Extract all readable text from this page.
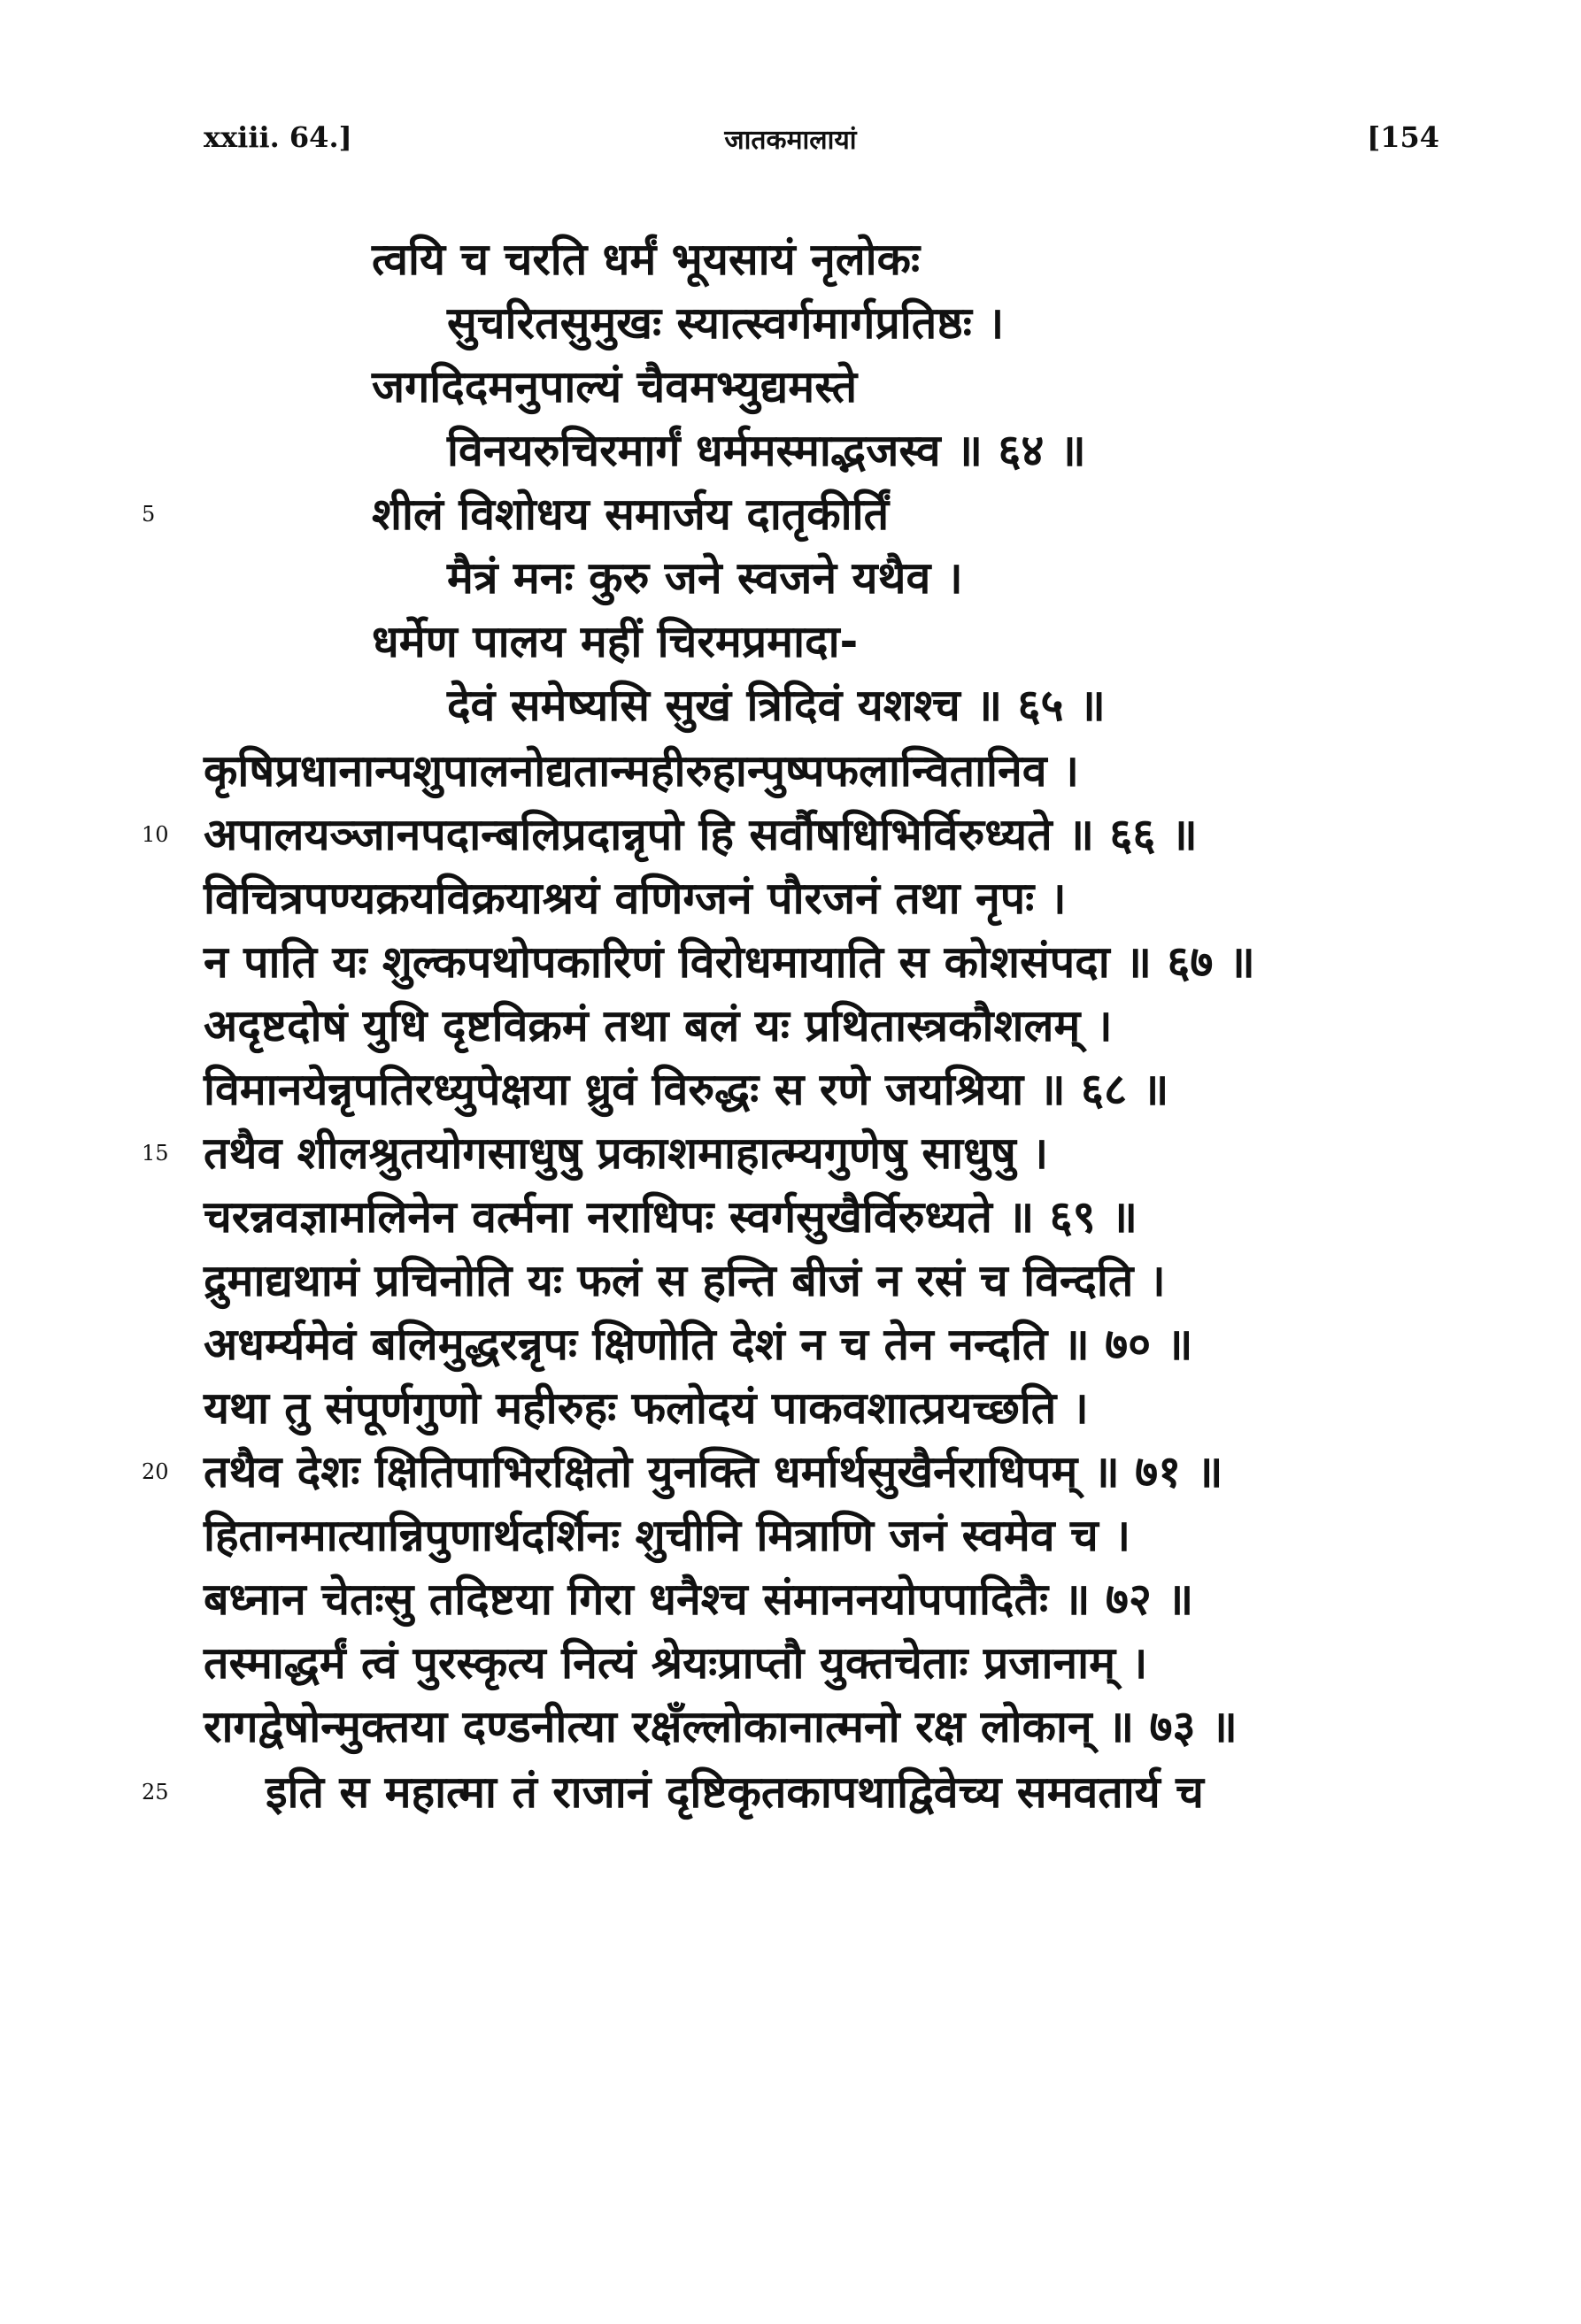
xxiii. 64.]	जातकमालायां	[154
त्वयि च चरति धर्मं भूयसायं नृलोकः
सुचरितसुमुखः स्यात्स्वर्गमार्गप्रतिष्ठः ।
जगदिदमनुपाल्यं चैवमभ्युद्यमस्ते
विनयरुचिरमार्गं धर्ममस्माद्भजस्व ॥ ६४ ॥
5	शीलं विशोधय समार्जय दातृकीर्तिं
मैत्रं मनः कुरु जने स्वजने यथैव ।
धर्मेण पालय महीं चिरमप्रमादा-
देवं समेष्यसि सुखं त्रिदिवं यशश्च ॥ ६५ ॥
कृषिप्रधानान्पशुपालनोद्यतान्महीरुहान्पुष्पफलान्वितानिव ।
10 अपालयञ्जानपदान्बलिप्रदान्नृपो हि सर्वौषधिभिर्विरुध्यते ॥ ६६ ॥
विचित्रपण्यक्रयविक्रयाश्रयं वणिग्जनं पौरजनं तथा नृपः ।
न पाति यः शुल्कपथोपकारिणं विरोधमायाति स कोशसंपदा ॥ ६७ ॥
अदृष्टदोषं युधि दृष्टविक्रमं तथा बलं यः प्रथितास्त्रकौशलम् ।
विमानयेन्नृपतिरध्युपेक्षया ध्रुवं विरुद्धः स रणे जयश्रिया ॥ ६८ ॥
15 तथैव शीलश्रुतयोगसाधुषु प्रकाशमाहात्म्यगुणेषु साधुषु ।
चरन्नवज्ञामलिनेन वर्त्मना नराधिपः स्वर्गसुखैर्विरुध्यते ॥ ६९ ॥
द्रुमाद्यथामं प्रचिनोति यः फलं स हन्ति बीजं न रसं च विन्दति ।
अधर्म्यमेवं बलिमुद्धरन्नृपः क्षिणोति देशं न च तेन नन्दति ॥ ७० ॥
यथा तु संपूर्णगुणो महीरुहः फलोदयं पाकवशात्प्रयच्छति ।
20 तथैव देशः क्षितिपाभिरक्षितो युनक्ति धर्मार्थसुखैर्नराधिपम् ॥ ७१ ॥
हितानमात्यान्निपुणार्थदर्शिनः शुचीनि मित्राणि जनं स्वमेव च ।
बध्नान चेतःसु तदिष्टया गिरा धनैश्च संमाननयोपपादितैः ॥ ७२ ॥
तस्माद्धर्मं त्वं पुरस्कृत्य नित्यं श्रेयःप्राप्तौ युक्तचेताः प्रजानाम् ।
रागद्वेषोन्मुक्तया दण्डनीत्या रक्षँल्लोकानात्मनो रक्ष लोकान् ॥ ७३ ॥
25	इति स महात्मा तं राजानं दृष्टिकृतकापथाद्विवेच्य समवतार्य च
